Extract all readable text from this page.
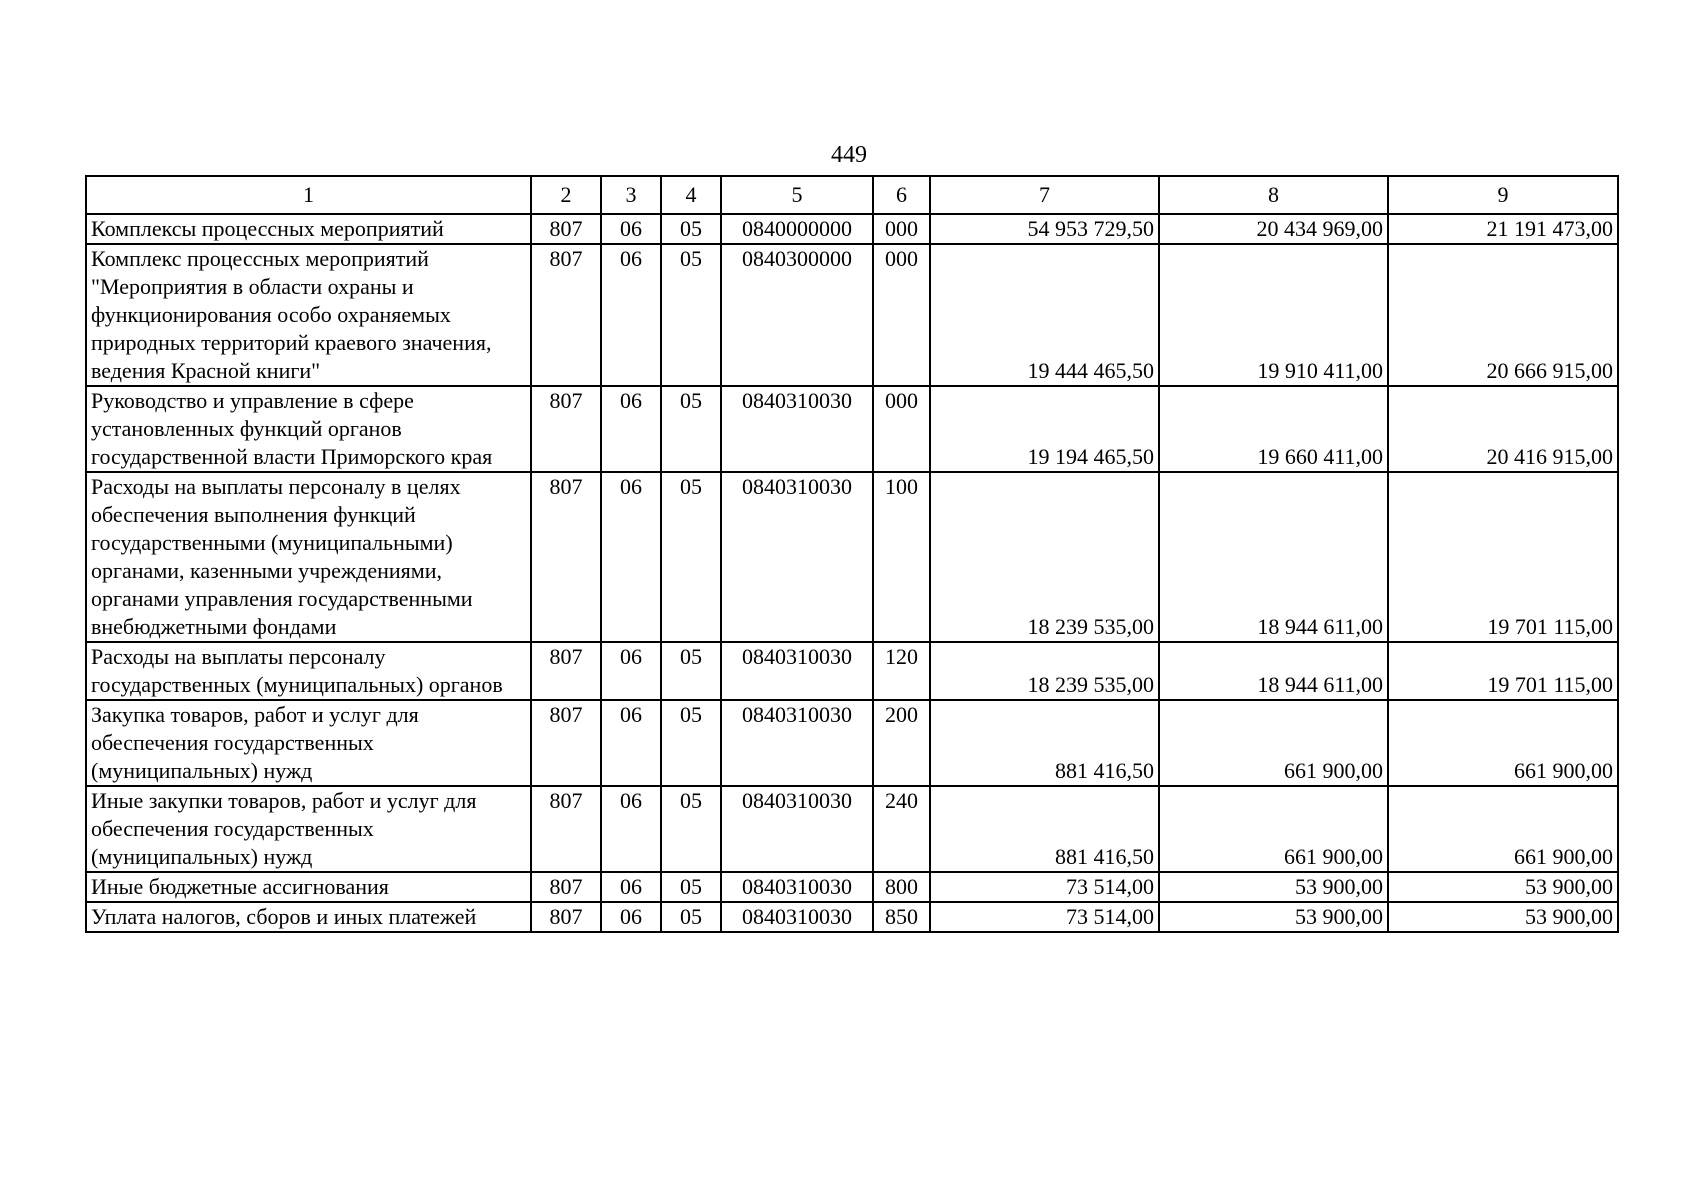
449
1	2	3	4	5	6	7	8	9
Комплексы процессных мероприятий	807	06	05	0840000000	000	54 953 729,50	20 434 969,00	21 191 473,00
Комплекс процессных мероприятий "Мероприятия в области охраны и функционирования особо охраняемых природных территорий краевого значения, ведения Красной книги"	807	06	05	0840300000	000	19 444 465,50	19 910 411,00	20 666 915,00
Руководство и управление в сфере установленных функций органов государственной власти Приморского края	807	06	05	0840310030	000	19 194 465,50	19 660 411,00	20 416 915,00
Расходы на выплаты персоналу в целях обеспечения выполнения функций государственными (муниципальными) органами, казенными учреждениями, органами управления государственными внебюджетными фондами	807	06	05	0840310030	100	18 239 535,00	18 944 611,00	19 701 115,00
Расходы на выплаты персоналу государственных (муниципальных) органов	807	06	05	0840310030	120	18 239 535,00	18 944 611,00	19 701 115,00
Закупка товаров, работ и услуг для обеспечения государственных (муниципальных) нужд	807	06	05	0840310030	200	881 416,50	661 900,00	661 900,00
Иные закупки товаров, работ и услуг для обеспечения государственных (муниципальных) нужд	807	06	05	0840310030	240	881 416,50	661 900,00	661 900,00
Иные бюджетные ассигнования	807	06	05	0840310030	800	73 514,00	53 900,00	53 900,00
Уплата налогов, сборов и иных платежей	807	06	05	0840310030	850	73 514,00	53 900,00	53 900,00
